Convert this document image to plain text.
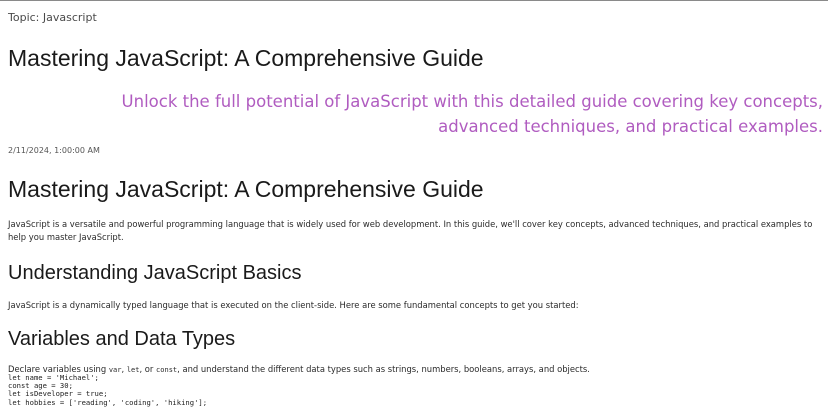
Topic: Javascript
Mastering JavaScript: A Comprehensive Guide
Unlock the full potential of JavaScript with this detailed guide covering key concepts, advanced techniques, and practical examples.
2/11/2024, 1:00:00 AM
Mastering JavaScript: A Comprehensive Guide

JavaScript is a versatile and powerful programming language that is widely used for web development. In this guide, we'll cover key concepts, advanced techniques, and practical examples to help you master JavaScript.

Understanding JavaScript Basics

JavaScript is a dynamically typed language that is executed on the client-side. Here are some fundamental concepts to get you started:

Variables and Data Types

Declare variables using var, let, or const, and understand the different data types such as strings, numbers, booleans, arrays, and objects.

let name = 'Michael';
const age = 30;
let isDeveloper = true;
let hobbies = ['reading', 'coding', 'hiking'];
